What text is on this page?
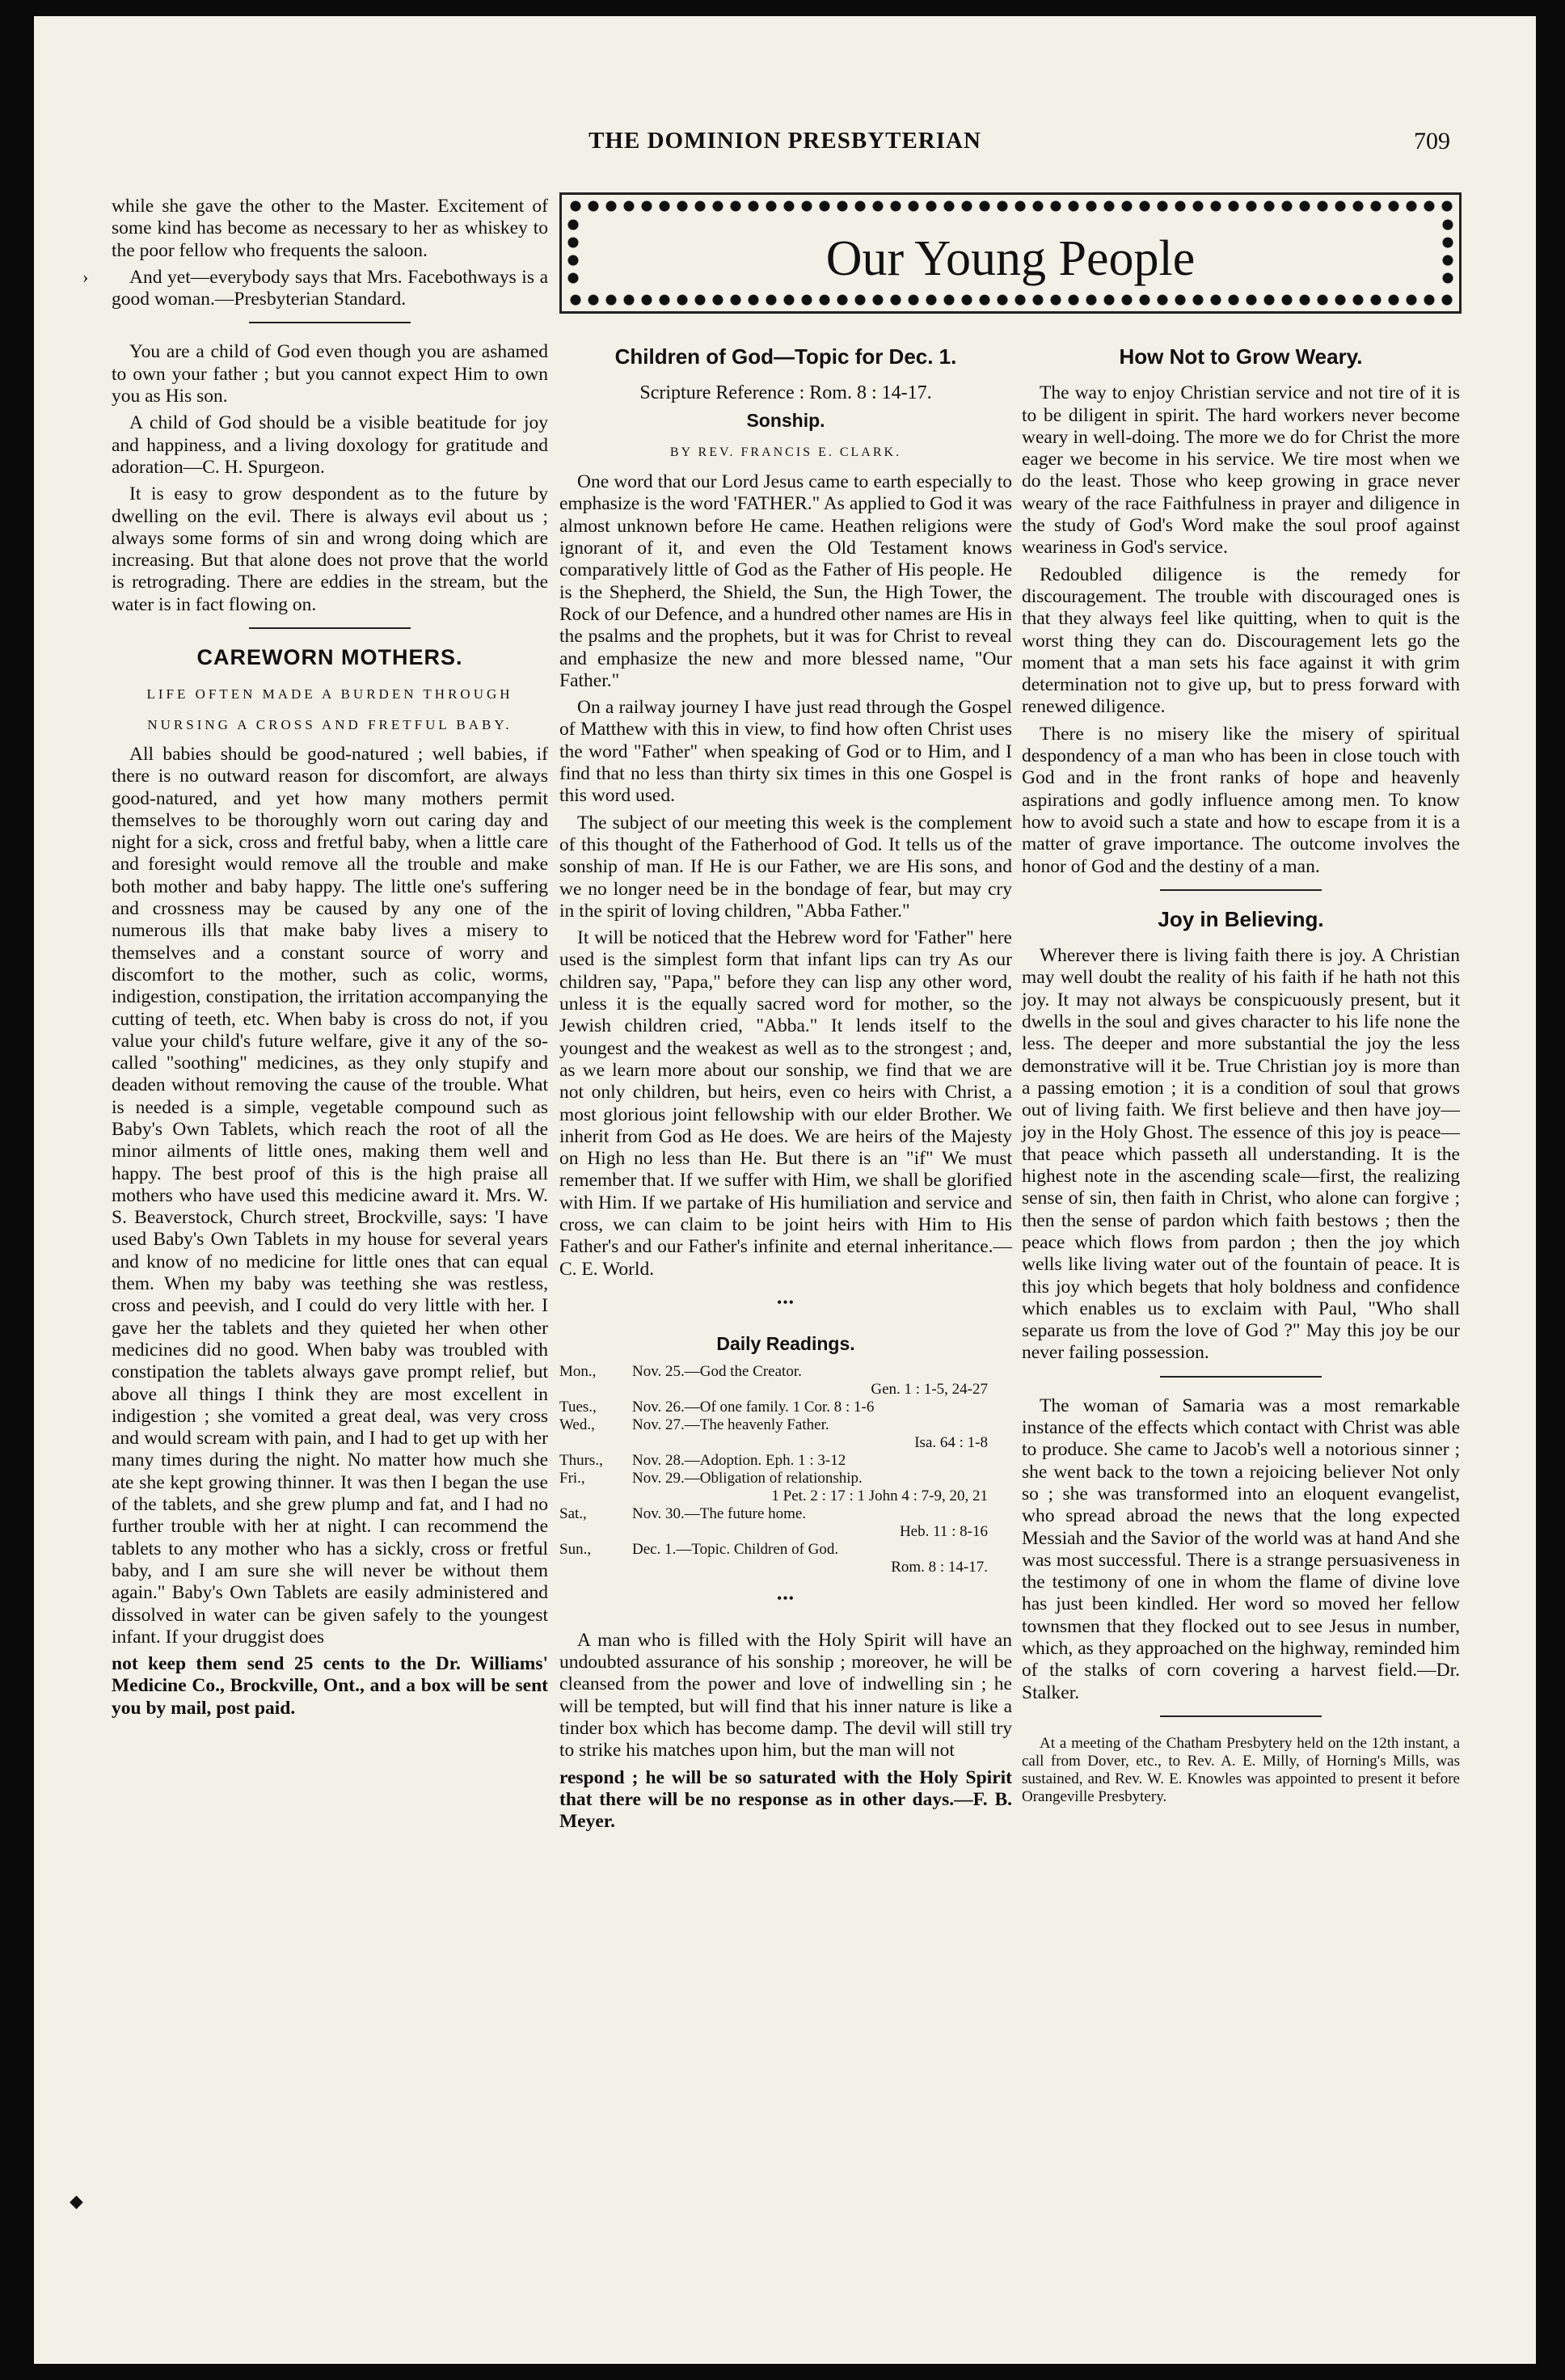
THE DOMINION PRESBYTERIAN	709

while she gave the other to the Master. Excitement of some kind has become as necessary to her as whiskey to the poor fellow who frequents the saloon.

And yet—everybody says that Mrs. Facebothways is a good woman.—Presbyterian Standard.

You are a child of God even though you are ashamed to own your father ; but you cannot expect Him to own you as His son.

A child of God should be a visible beatitude for joy and happiness, and a living doxology for gratitude and adoration—C. H. Spurgeon.

It is easy to grow despondent as to the future by dwelling on the evil. There is always evil about us ; always some forms of sin and wrong doing which are increasing. But that alone does not prove that the world is retrograding. There are eddies in the stream, but the water is in fact flowing on.

CAREWORN MOTHERS.
LIFE OFTEN MADE A BURDEN THROUGH
NURSING A CROSS AND FRETFUL BABY.

All babies should be good-natured ; well babies, if there is no outward reason for discomfort, are always good-natured, and yet how many mothers permit themselves to be thoroughly worn out caring day and night for a sick, cross and fretful baby, when a little care and foresight would remove all the trouble and make both mother and baby happy. The little one's suffering and crossness may be caused by any one of the numerous ills that make baby lives a misery to themselves and a constant source of worry and discomfort to the mother, such as colic, worms, indigestion, constipation, the irritation accompanying the cutting of teeth, etc. When baby is cross do not, if you value your child's future welfare, give it any of the so-called "soothing" medicines, as they only stupify and deaden without removing the cause of the trouble. What is needed is a simple, vegetable compound such as Baby's Own Tablets, which reach the root of all the minor ailments of little ones, making them well and happy. The best proof of this is the high praise all mothers who have used this medicine award it. Mrs. W. S. Beaverstock, Church street, Brockville, says: 'I have used Baby's Own Tablets in my house for several years and know of no medicine for little ones that can equal them. When my baby was teething she was restless, cross and peevish, and I could do very little with her. I gave her the tablets and they quieted her when other medicines did no good. When baby was troubled with constipation the tablets always gave prompt relief, but above all things I think they are most excellent in indigestion ; she vomited a great deal, was very cross and would scream with pain, and I had to get up with her many times during the night. No matter how much she ate she kept growing thinner. It was then I began the use of the tablets, and she grew plump and fat, and I had no further trouble with her at night. I can recommend the tablets to any mother who has a sickly, cross or fretful baby, and I am sure she will never be without them again." Baby's Own Tablets are easily administered and dissolved in water can be given safely to the youngest infant. If your druggist does

not keep them send 25 cents to the Dr. Williams' Medicine Co., Brockville, Ont., and a box will be sent you by mail, post paid.

Our Young People
Children of God—Topic for Dec. 1.
Scripture Reference : Rom. 8 : 14-17.
Sonship.
BY REV. FRANCIS E. CLARK.

One word that our Lord Jesus came to earth especially to emphasize is the word 'FATHER." As applied to God it was almost unknown before He came. Heathen religions were ignorant of it, and even the Old Testament knows comparatively little of God as the Father of His people. He is the Shepherd, the Shield, the Sun, the High Tower, the Rock of our Defence, and a hundred other names are His in the psalms and the prophets, but it was for Christ to reveal and emphasize the new and more blessed name, "Our Father."

On a railway journey I have just read through the Gospel of Matthew with this in view, to find how often Christ uses the word "Father" when speaking of God or to Him, and I find that no less than thirty six times in this one Gospel is this word used.

The subject of our meeting this week is the complement of this thought of the Fatherhood of God. It tells us of the sonship of man. If He is our Father, we are His sons, and we no longer need be in the bondage of fear, but may cry in the spirit of loving children, "Abba Father."

It will be noticed that the Hebrew word for 'Father" here used is the simplest form that infant lips can try As our children say, "Papa," before they can lisp any other word, unless it is the equally sacred word for mother, so the Jewish children cried, "Abba." It lends itself to the youngest and the weakest as well as to the strongest ; and, as we learn more about our sonship, we find that we are not only children, but heirs, even co heirs with Christ, a most glorious joint fellowship with our elder Brother. We inherit from God as He does. We are heirs of the Majesty on High no less than He. But there is an "if" We must remember that. If we suffer with Him, we shall be glorified with Him. If we partake of His humiliation and service and cross, we can claim to be joint heirs with Him to His Father's and our Father's infinite and eternal inheritance.—C. E. World.

•••
Daily Readings.
Mon.,	Nov. 25.—God the Creator.
Gen. 1 : 1-5, 24-27
Tues.,	Nov. 26.—Of one family. 1 Cor. 8 : 1-6
Wed.,	Nov. 27.—The heavenly Father.
Isa. 64 : 1-8
Thurs.,	Nov. 28.—Adoption. Eph. 1 : 3-12
Fri.,	Nov. 29.—Obligation of relationship.
1 Pet. 2 : 17 : 1 John 4 : 7-9, 20, 21
Sat.,	Nov. 30.—The future home.
Heb. 11 : 8-16
Sun.,	Dec. 1.—Topic. Children of God.
Rom. 8 : 14-17.
•••

A man who is filled with the Holy Spirit will have an undoubted assurance of his sonship ; moreover, he will be cleansed from the power and love of indwelling sin ; he will be tempted, but will find that his inner nature is like a tinder box which has become damp. The devil will still try to strike his matches upon him, but the man will not

respond ; he will be so saturated with the Holy Spirit that there will be no response as in other days.—F. B. Meyer.

How Not to Grow Weary.

The way to enjoy Christian service and not tire of it is to be diligent in spirit. The hard workers never become weary in well-doing. The more we do for Christ the more eager we become in his service. We tire most when we do the least. Those who keep growing in grace never weary of the race Faithfulness in prayer and diligence in the study of God's Word make the soul proof against weariness in God's service.

Redoubled diligence is the remedy for discouragement. The trouble with discouraged ones is that they always feel like quitting, when to quit is the worst thing they can do. Discouragement lets go the moment that a man sets his face against it with grim determination not to give up, but to press forward with renewed diligence.

There is no misery like the misery of spiritual despondency of a man who has been in close touch with God and in the front ranks of hope and heavenly aspirations and godly influence among men. To know how to avoid such a state and how to escape from it is a matter of grave importance. The outcome involves the honor of God and the destiny of a man.

Joy in Believing.

Wherever there is living faith there is joy. A Christian may well doubt the reality of his faith if he hath not this joy. It may not always be conspicuously present, but it dwells in the soul and gives character to his life none the less. The deeper and more substantial the joy the less demonstrative will it be. True Christian joy is more than a passing emotion ; it is a condition of soul that grows out of living faith. We first believe and then have joy—joy in the Holy Ghost. The essence of this joy is peace—that peace which passeth all understanding. It is the highest note in the ascending scale—first, the realizing sense of sin, then faith in Christ, who alone can forgive ; then the sense of pardon which faith bestows ; then the peace which flows from pardon ; then the joy which wells like living water out of the fountain of peace. It is this joy which begets that holy boldness and confidence which enables us to exclaim with Paul, "Who shall separate us from the love of God ?" May this joy be our never failing possession.

The woman of Samaria was a most remarkable instance of the effects which contact with Christ was able to produce. She came to Jacob's well a notorious sinner ; she went back to the town a rejoicing believer Not only so ; she was transformed into an eloquent evangelist, who spread abroad the news that the long expected Messiah and the Savior of the world was at hand And she was most successful. There is a strange persuasiveness in the testimony of one in whom the flame of divine love has just been kindled. Her word so moved her fellow townsmen that they flocked out to see Jesus in number, which, as they approached on the highway, reminded him of the stalks of corn covering a harvest field.—Dr. Stalker.

At a meeting of the Chatham Presbytery held on the 12th instant, a call from Dover, etc., to Rev. A. E. Milly, of Horning's Mills, was sustained, and Rev. W. E. Knowles was appointed to present it before Orangeville Presbytery.

›
◆
